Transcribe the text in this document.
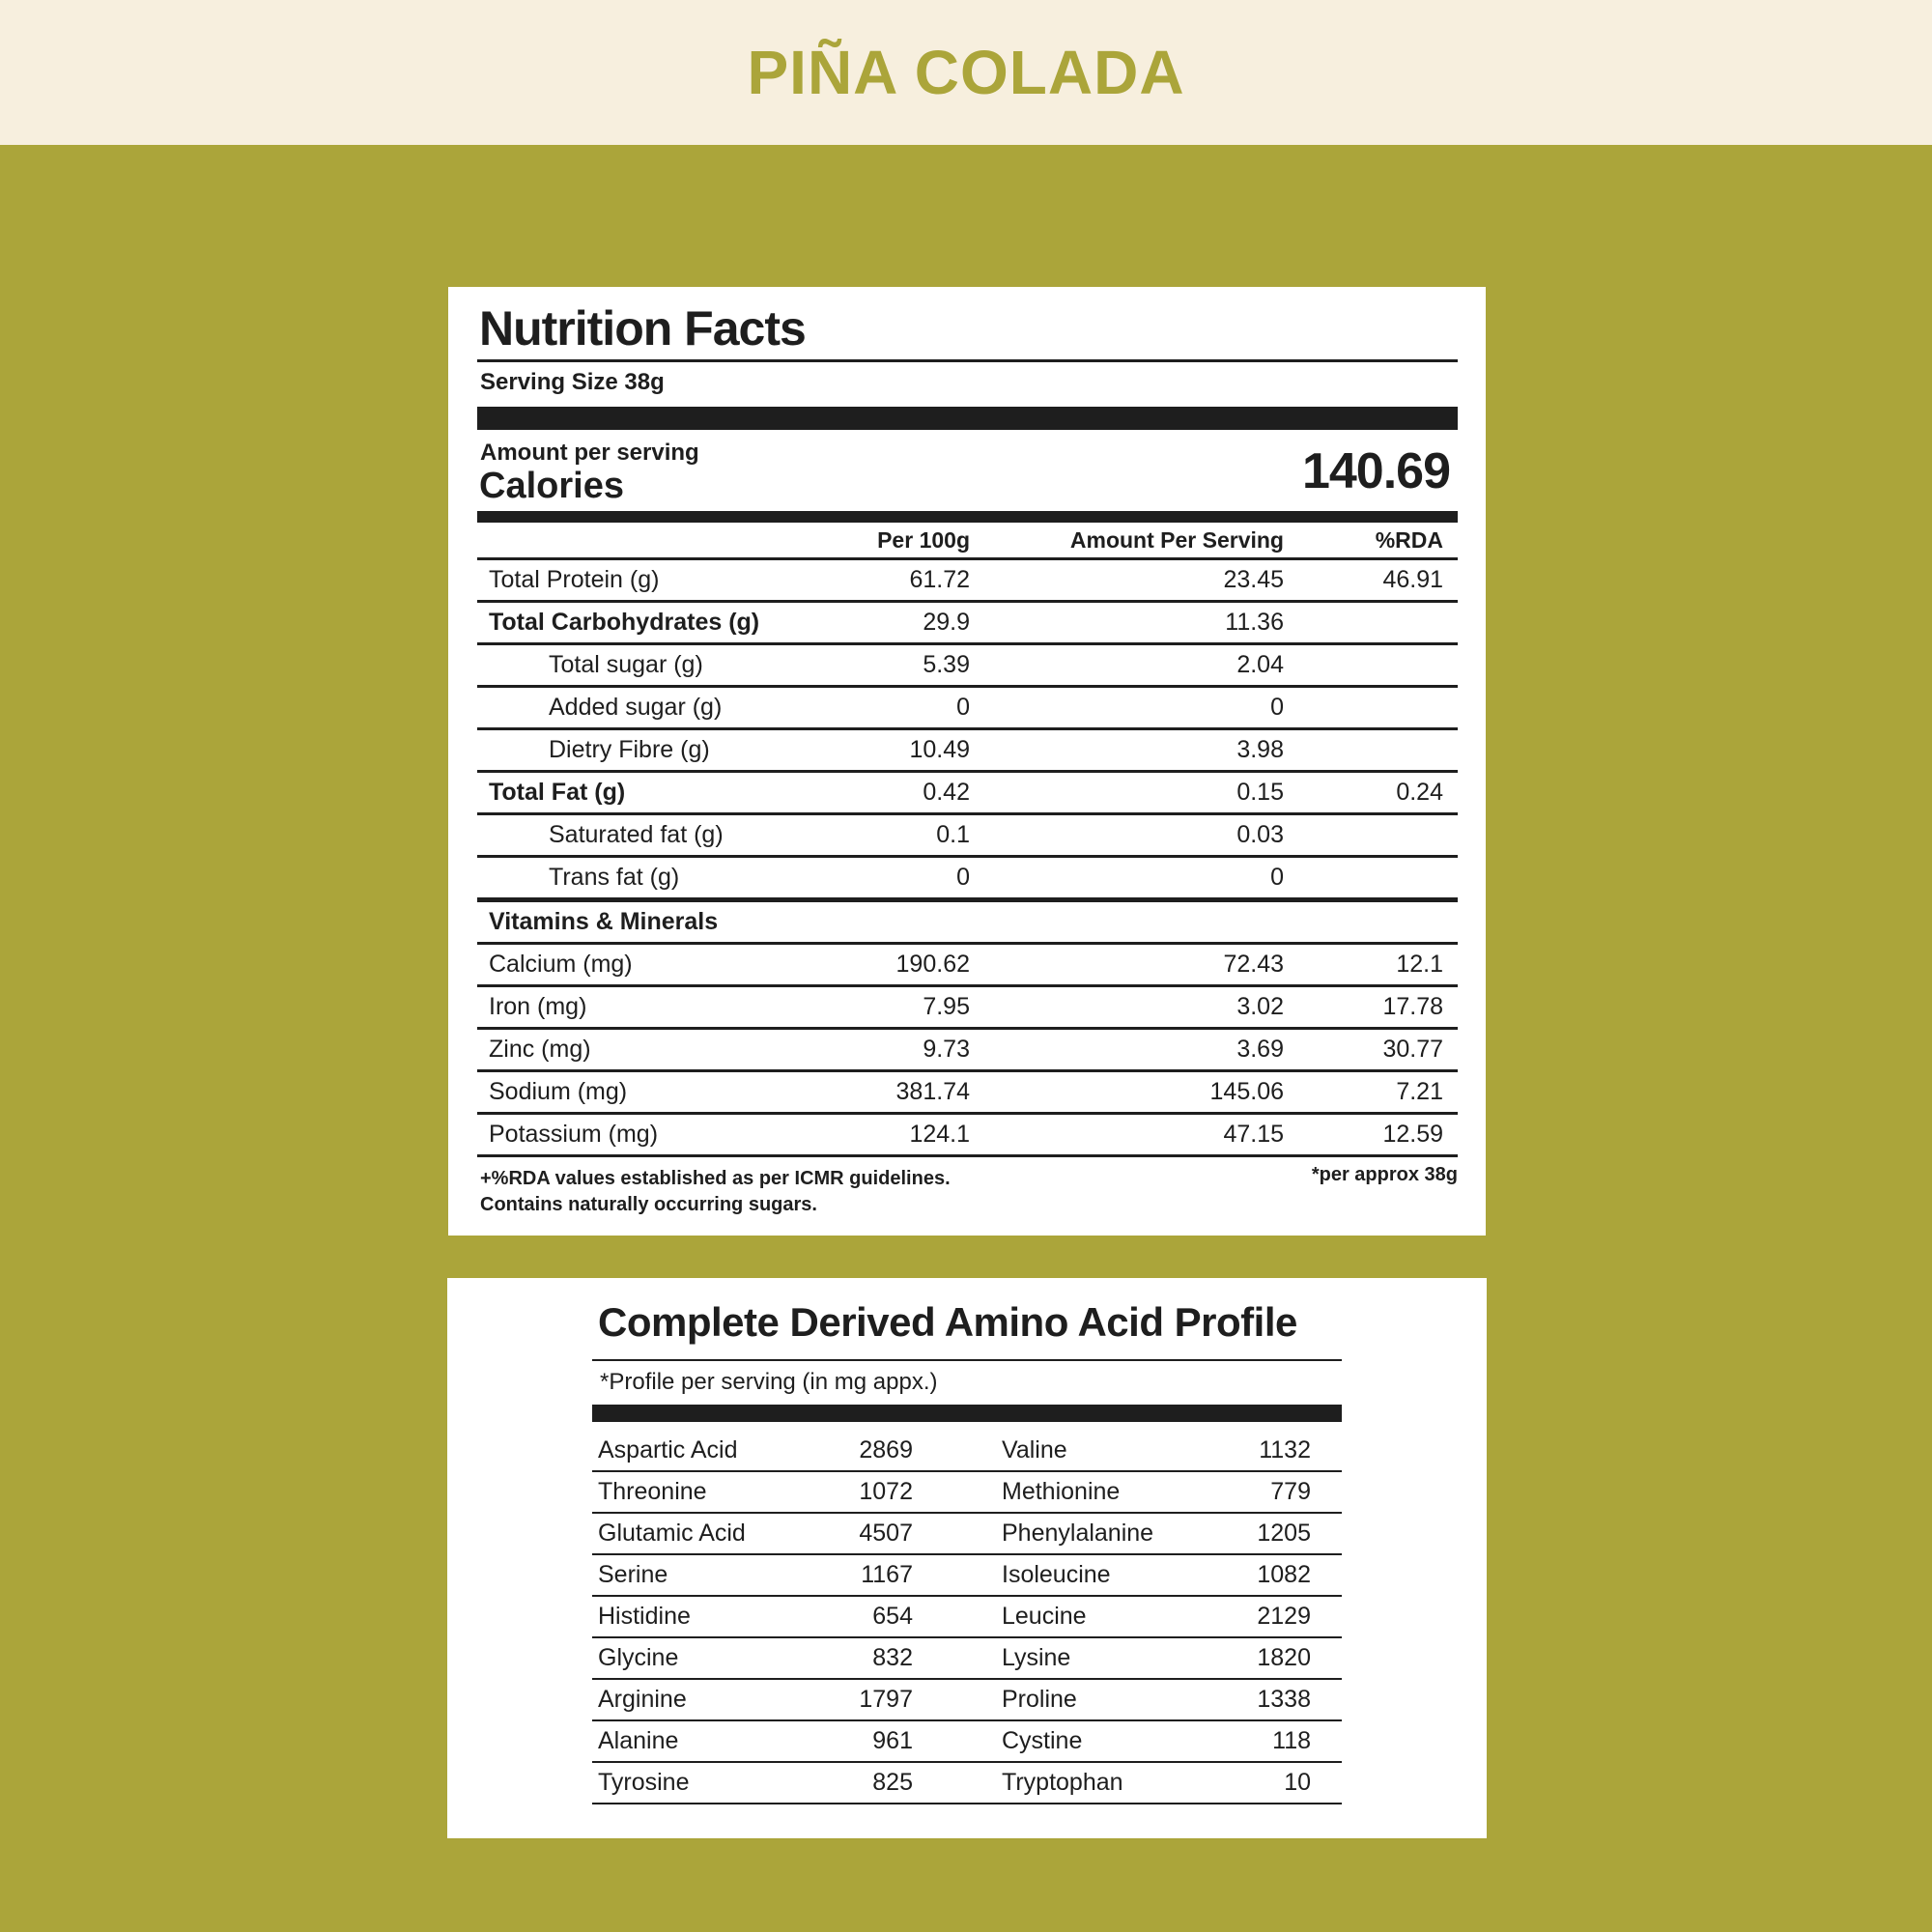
PIÑA COLADA
Nutrition Facts
Serving Size 38g
Amount per serving
Calories	140.69
Per 100g	Amount Per Serving	%RDA
Total Protein (g)	61.72	23.45	46.91
Total Carbohydrates (g)	29.9	11.36
Total sugar (g)	5.39	2.04
Added sugar (g)	0	0
Dietry Fibre (g)	10.49	3.98
Total Fat (g)	0.42	0.15	0.24
Saturated fat (g)	0.1	0.03
Trans fat (g)	0	0
Vitamins & Minerals
Calcium (mg)	190.62	72.43	12.1
Iron (mg)	7.95	3.02	17.78
Zinc (mg)	9.73	3.69	30.77
Sodium (mg)	381.74	145.06	7.21
Potassium (mg)	124.1	47.15	12.59
+%RDA values established as per ICMR guidelines.
Contains naturally occurring sugars.
*per approx 38g
Complete Derived Amino Acid Profile
*Profile per serving (in mg appx.)
Aspartic Acid	2869	Valine	1132
Threonine	1072	Methionine	779
Glutamic Acid	4507	Phenylalanine	1205
Serine	1167	Isoleucine	1082
Histidine	654	Leucine	2129
Glycine	832	Lysine	1820
Arginine	1797	Proline	1338
Alanine	961	Cystine	118
Tyrosine	825	Tryptophan	10
